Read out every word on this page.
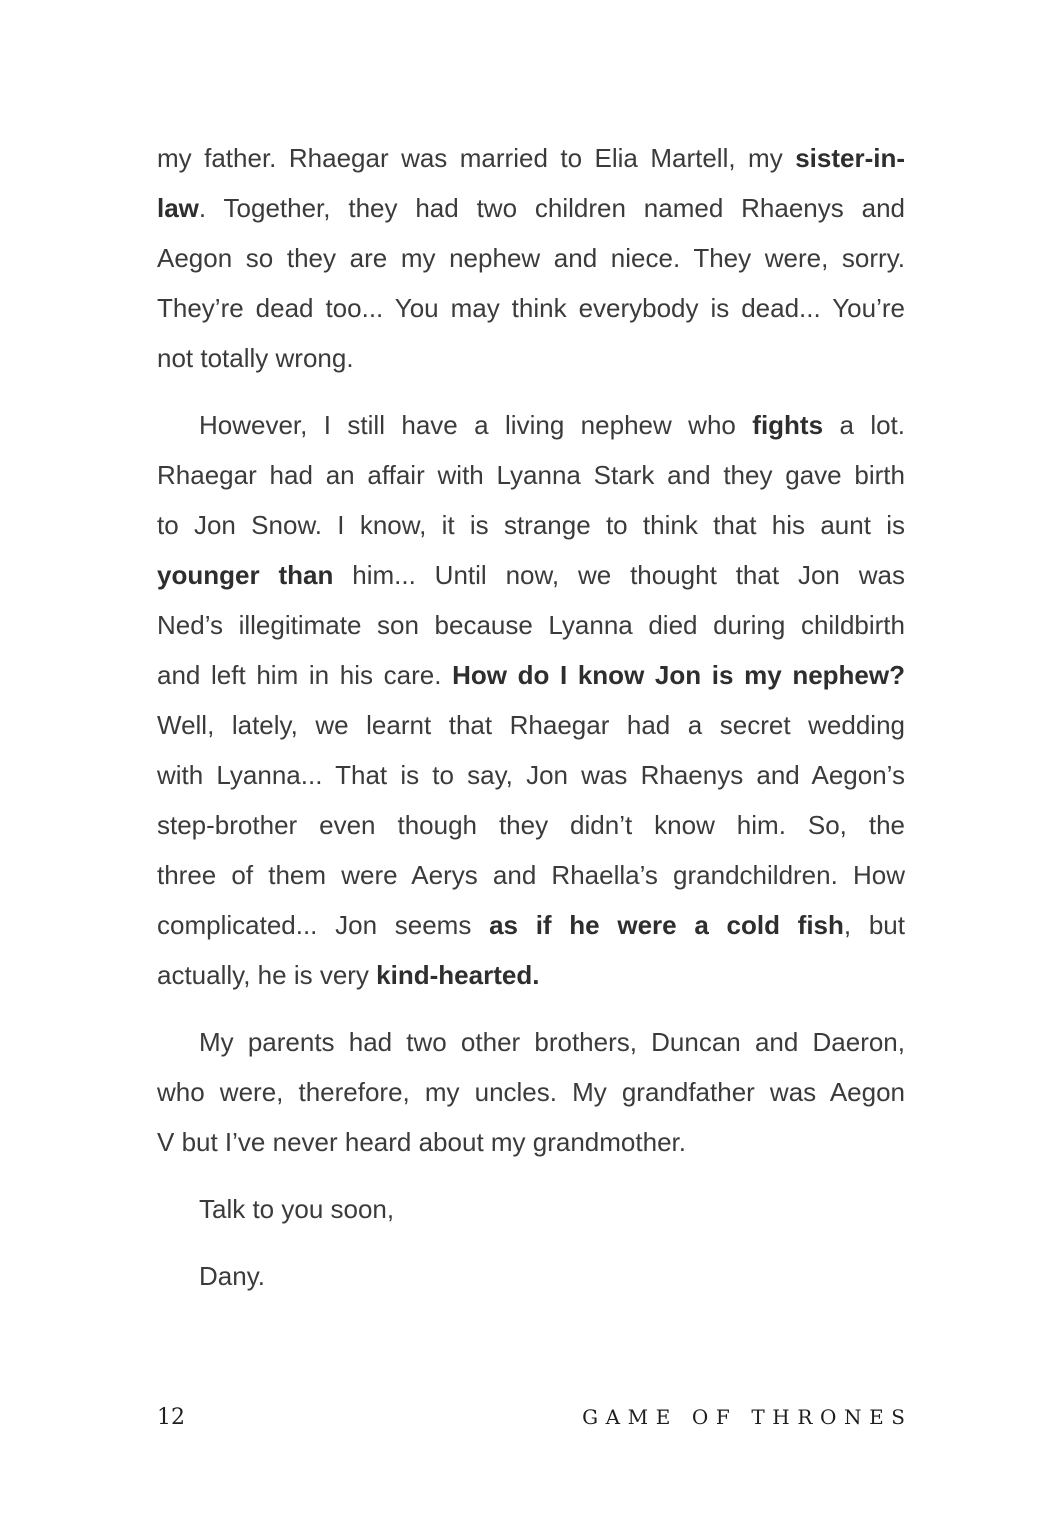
my father. Rhaegar was married to Elia Martell, my sister-in-
law. Together, they had two children named Rhaenys and
Aegon so they are my nephew and niece. They were, sorry.
They’re dead too... You may think everybody is dead... You’re
not totally wrong.
However, I still have a living nephew who fights a lot.
Rhaegar had an affair with Lyanna Stark and they gave birth
to Jon Snow. I know, it is strange to think that his aunt is
younger than him... Until now, we thought that Jon was
Ned’s illegitimate son because Lyanna died during childbirth
and left him in his care. How do I know Jon is my nephew?
Well, lately, we learnt that Rhaegar had a secret wedding
with Lyanna... That is to say, Jon was Rhaenys and Aegon’s
step-brother even though they didn’t know him. So, the
three of them were Aerys and Rhaella’s grandchildren. How
complicated... Jon seems as if he were a cold fish, but
actually, he is very kind-hearted.
My parents had two other brothers, Duncan and Daeron,
who were, therefore, my uncles. My grandfather was Aegon
V but I’ve never heard about my grandmother.
Talk to you soon,
Dany.
12	GAME OF THRONES
